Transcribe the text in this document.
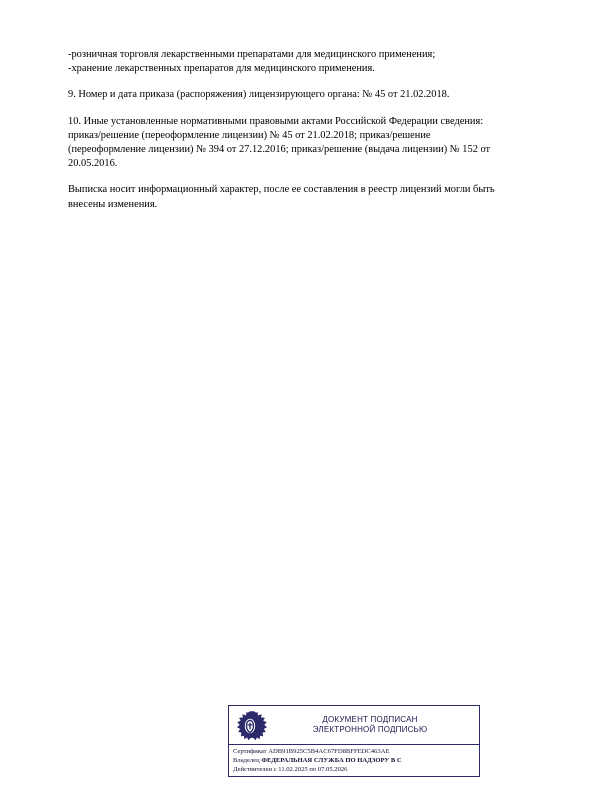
-розничная торговля лекарственными препаратами для медицинского применения;
-хранение лекарственных препаратов для медицинского применения.

9. Номер и дата приказа (распоряжения) лицензирующего органа: № 45 от 21.02.2018.

10. Иные установленные нормативными правовыми актами Российской Федерации сведения:
приказ/решение (переоформление лицензии) № 45 от 21.02.2018; приказ/решение
(переоформление лицензии) № 394 от 27.12.2016; приказ/решение (выдача лицензии) № 152 от
20.05.2016.

Выписка носит информационный характер, после ее составления в реестр лицензий могли быть
внесены изменения.

ДОКУМЕНТ ПОДПИСАН
ЭЛЕКТРОННОЙ ПОДПИСЬЮ
Сертификат ADB91B925C5B4AC67FD8BFFEDC463AE
Владелец ФЕДЕРАЛЬНАЯ СЛУЖБА ПО НАДЗОРУ В С
Действителен с 11.02.2025 по 07.05.2026
